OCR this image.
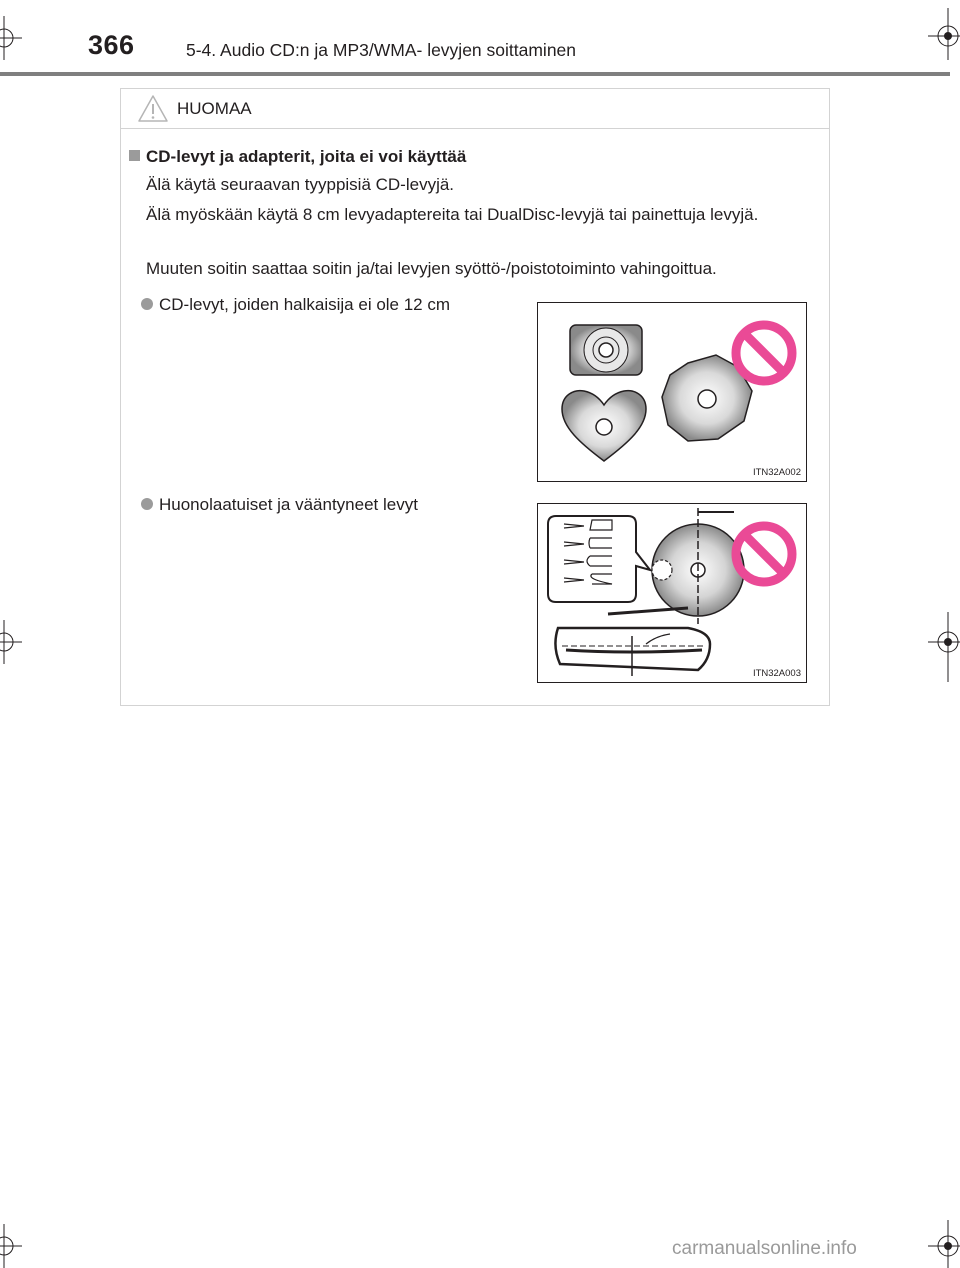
366	5-4. Audio CD:n ja MP3/WMA- levyjen soittaminen
HUOMAA
CD-levyt ja adapterit, joita ei voi käyttää
Älä käytä seuraavan tyyppisiä CD-levyjä.
Älä myöskään käytä 8 cm levyadaptereita tai DualDisc-levyjä tai painettuja levyjä.
Muuten soitin saattaa soitin ja/tai levyjen syöttö-/poistotoiminto vahingoittua.
CD-levyt, joiden halkaisija ei ole 12 cm
ITN32A002
Huonolaatuiset ja vääntyneet levyt
ITN32A003
carmanualsonline.info
